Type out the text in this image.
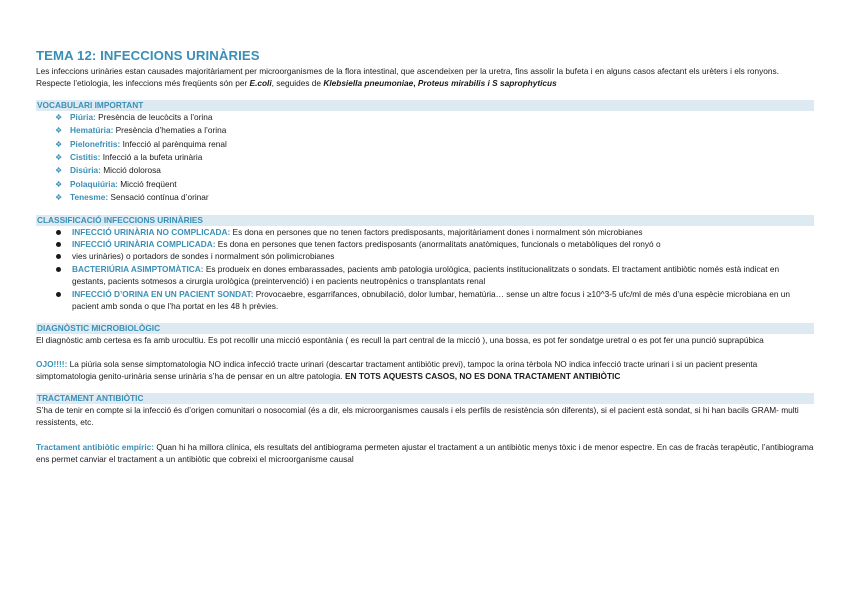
TEMA 12: INFECCIONS URINÀRIES

Les infeccions urinàries estan causades majoritàriament per microorganismes de la flora intestinal, que ascendeixen per la uretra, fins assolir la bufeta i en alguns casos afectant els urèters i els ronyons. Respecte l’etiologia, les infeccions més freqüents són per E.coli, seguides de Klebsiella pneumoniae, Proteus mirabilis i S saprophyticus

VOCABULARI IMPORTANT
❖ Piúria: Presència de leucòcits a l’orina
❖ Hematúria: Presència d’hematies a l’orina
❖ Pielonefritis: Infecció al parènquima renal
❖ Cistitis: Infecció a la bufeta urinària
❖ Disúria: Micció dolorosa
❖ Polaquiúria: Micció freqüent
❖ Tenesme: Sensació contínua d’orinar
CLASSIFICACIÓ INFECCIONS URINÀRIES
INFECCIÓ URINÀRIA NO COMPLICADA: Es dona en persones que no tenen factors predisposants, majoritàriament dones i normalment són microbianes
INFECCIÓ URINÀRIA COMPLICADA: Es dona en persones que tenen factors predisposants (anormalitats anatòmiques, funcionals o metabòliques del ronyó o
vies urinàries) o portadors de sondes i normalment són polimicrobianes
BACTERIÚRIA ASIMPTOMÀTICA: Es produeix en dones embarassades, pacients amb patologia urològica, pacients institucionalitzats o sondats. El tractament antibiòtic només està indicat en gestants, pacients sotmesos a cirurgia urològica (preintervenció) i en pacients neutropènics o transplantats renal
INFECCIÓ D’ORINA EN UN PACIENT SONDAT: Provocaebre, esgarrifances, obnubilació, dolor lumbar, hematúria… sense un altre focus i ≥10^3-5 ufc/ml de més d’una espècie microbiana en un pacient amb sonda o que l’ha portat en les 48 h prèvies.
DIAGNÒSTIC MICROBIOLÒGIC

El diagnòstic amb certesa es fa amb urocultiu. Es pot recollir una micció espontània ( es recull la part central de la micció ), una bossa, es pot fer sondatge uretral o es pot fer una punció suprapúbica

OJO!!!!: La piúria sola sense simptomatologia NO indica infecció tracte urinari (descartar tractament antibiòtic previ), tampoc la orina tèrbola NO indica infecció tracte urinari i si un pacient presenta simptomatologia genito-urinària sense urinària s’ha de pensar en un altre patologia. EN TOTS AQUESTS CASOS, NO ES DONA TRACTAMENT ANTIBIÒTIC

TRACTAMENT ANTIBIÒTIC

S’ha de tenir en compte si la infecció és d’origen comunitari o nosocomial (és a dir, els microorganismes causals i els perfils de resistència són diferents), si el pacient està sondat, si hi han bacils GRAM- multi ressistents, etc.

Tractament antibiòtic empíric: Quan hi ha millora clínica, els resultats del antibiograma permeten ajustar el tractament a un antibiòtic menys tòxic i de menor espectre. En cas de fracàs terapèutic, l’antibiograma ens permet canviar el tractament a un antibiòtic que cobreixi el microorganisme causal
